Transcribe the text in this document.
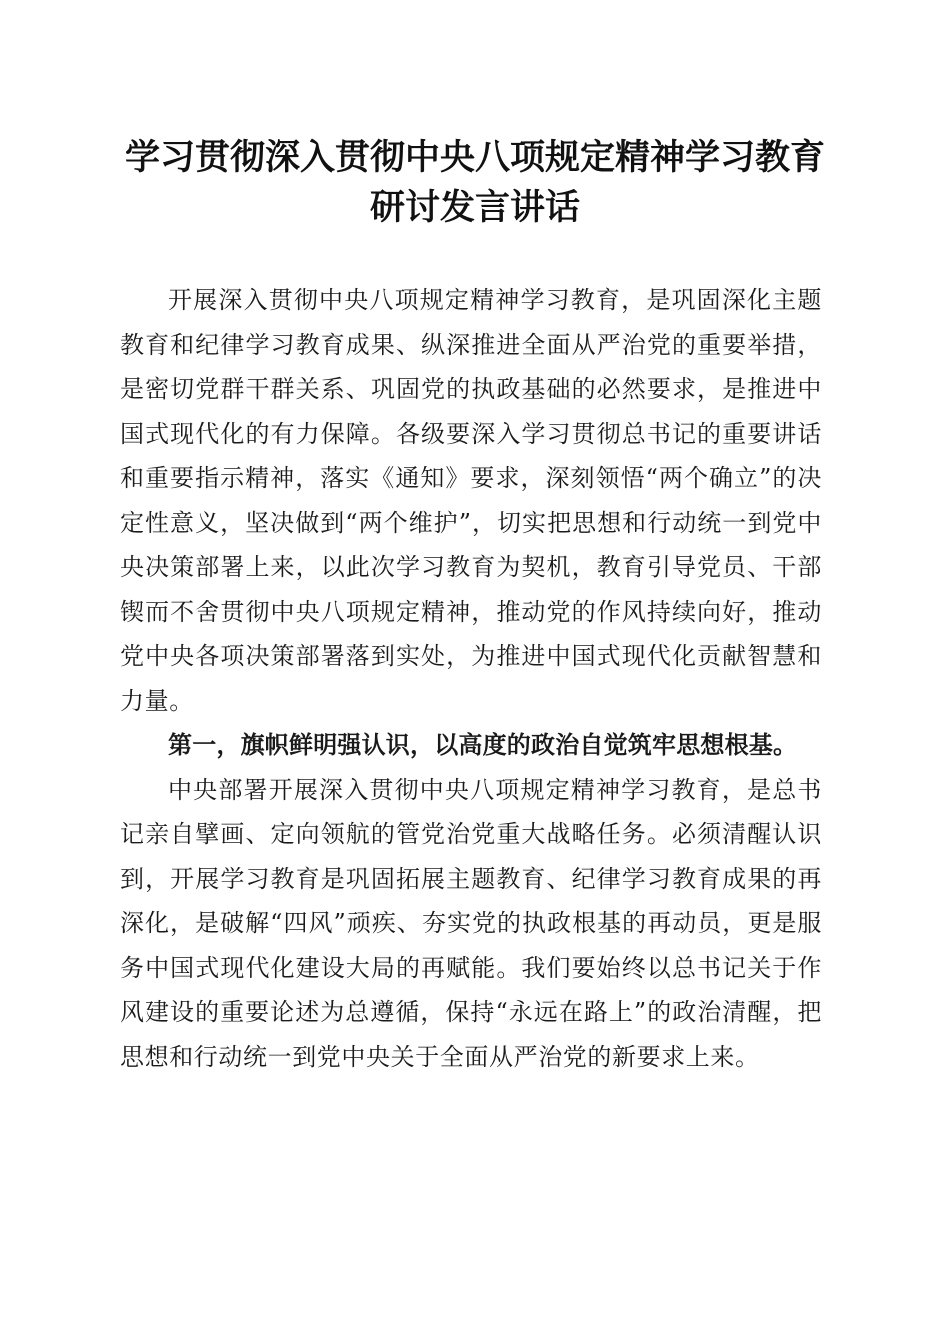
学习贯彻深入贯彻中央八项规定精神学习教育
研讨发言讲话

开展深入贯彻中央八项规定精神学习教育，是巩固深化主题教育和纪律学习教育成果、纵深推进全面从严治党的重要举措，是密切党群干群关系、巩固党的执政基础的必然要求，是推进中国式现代化的有力保障。各级要深入学习贯彻总书记的重要讲话和重要指示精神，落实《通知》要求，深刻领悟“两个确立”的决定性意义，坚决做到“两个维护”，切实把思想和行动统一到党中央决策部署上来，以此次学习教育为契机，教育引导党员、干部锲而不舍贯彻中央八项规定精神，推动党的作风持续向好，推动党中央各项决策部署落到实处，为推进中国式现代化贡献智慧和力量。

第一，旗帜鲜明强认识，以高度的政治自觉筑牢思想根基。

中央部署开展深入贯彻中央八项规定精神学习教育，是总书记亲自擘画、定向领航的管党治党重大战略任务。必须清醒认识到，开展学习教育是巩固拓展主题教育、纪律学习教育成果的再深化，是破解“四风”顽疾、夯实党的执政根基的再动员，更是服务中国式现代化建设大局的再赋能。我们要始终以总书记关于作风建设的重要论述为总遵循，保持“永远在路上”的政治清醒，把思想和行动统一到党中央关于全面从严治党的新要求上来。
